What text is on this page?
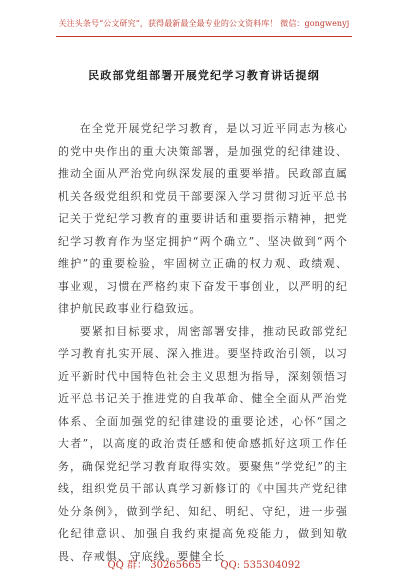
关注头条号“公文研究”，获得最新最全最专业的公文资料库！ 微信：gongwenyj
民政部党组部署开展党纪学习教育讲话提纲

在全党开展党纪学习教育，是以习近平同志为核心的党中央作出的重大决策部署，是加强党的纪律建设、推动全面从严治党向纵深发展的重要举措。民政部直属机关各级党组织和党员干部要深入学习贯彻习近平总书记关于党纪学习教育的重要讲话和重要指示精神，把党纪学习教育作为坚定拥护“两个确立”、坚决做到“两个维护”的重要检验，牢固树立正确的权力观、政绩观、事业观，习惯在严格约束下奋发干事创业，以严明的纪律护航民政事业行稳致远。

要紧扣目标要求，周密部署安排，推动民政部党纪学习教育扎实开展、深入推进。要坚持政治引领，以习近平新时代中国特色社会主义思想为指导，深刻领悟习近平总书记关于推进党的自我革命、健全全面从严治党体系、全面加强党的纪律建设的重要论述，心怀“国之大者”，以高度的政治责任感和使命感抓好这项工作任务，确保党纪学习教育取得实效。要聚焦“学党纪”的主线，组织党员干部认真学习新修订的《中国共产党纪律处分条例》，做到学纪、知纪、明纪、守纪，进一步强化纪律意识、加强自我约束提高免疫能力，做到知敬畏、存戒惧、守底线。要健全长

QQ 群： 30265665 QQ: 535304092
